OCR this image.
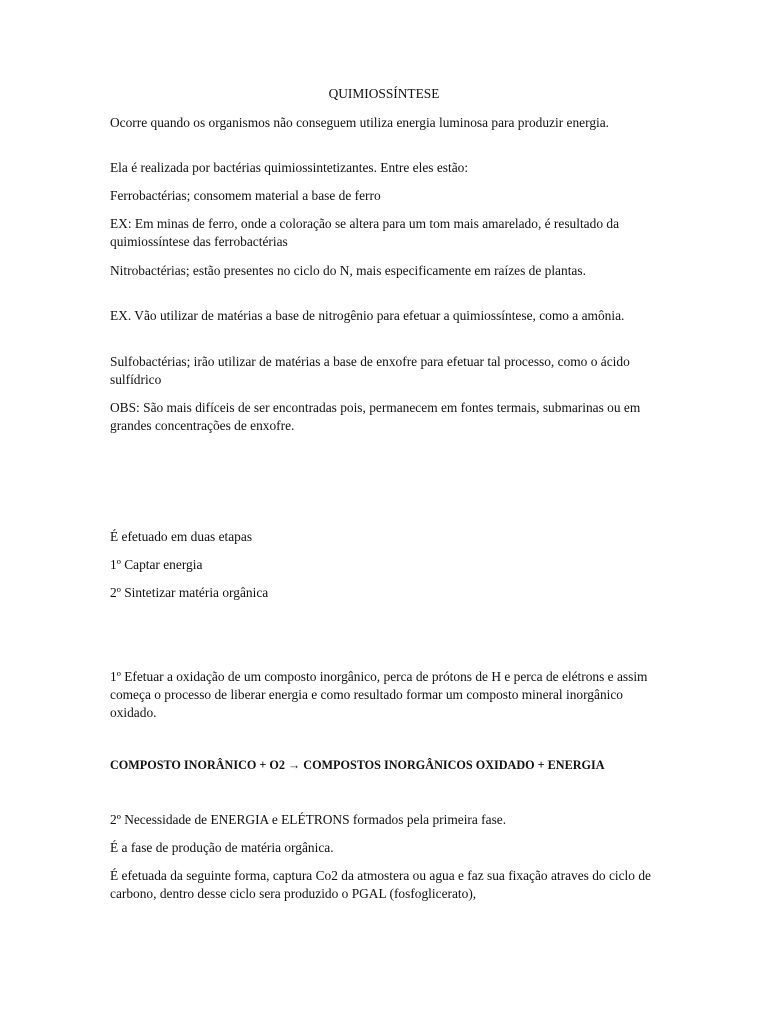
QUIMIOSSÍNTESE

Ocorre quando os organismos não conseguem utiliza energia luminosa para produzir energia.

Ela é realizada por bactérias quimiossintetizantes. Entre eles estão:

Ferrobactérias; consomem material a base de ferro

EX: Em minas de ferro, onde a coloração se altera para um tom mais amarelado, é resultado da quimiossíntese das ferrobactérias

Nitrobactérias; estão presentes no ciclo do N, mais especificamente em raízes de plantas.

EX. Vão utilizar de matérias a base de nitrogênio para efetuar a quimiossíntese, como a amônia.

Sulfobactérias; irão utilizar de matérias a base de enxofre para efetuar tal processo, como o ácido sulfídrico

OBS: São mais difíceis de ser encontradas pois, permanecem em fontes termais, submarinas ou em grandes concentrações de enxofre.

É efetuado em duas etapas

1º Captar energia

2º Sintetizar matéria orgânica

1º Efetuar a oxidação de um composto inorgânico, perca de prótons de H e perca de elétrons e assim começa o processo de liberar energia e como resultado formar um composto mineral inorgânico oxidado.

COMPOSTO INORÂNICO + O2 → COMPOSTOS INORGÂNICOS OXIDADO + ENERGIA

2º Necessidade de ENERGIA e ELÉTRONS formados pela primeira fase.

É a fase de produção de matéria orgânica.

É efetuada da seguinte forma, captura Co2 da atmostera ou agua e faz sua fixação atraves do ciclo de carbono, dentro desse ciclo sera produzido o PGAL (fosfoglicerato),
